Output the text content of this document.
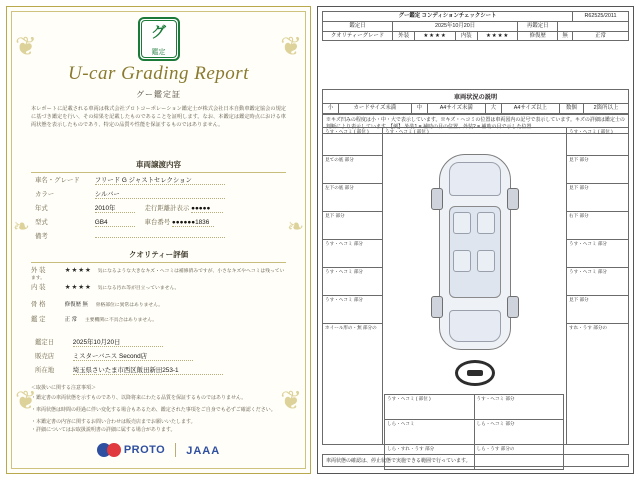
❦	❦
❦	❦
❧	❧
グ
鑑定
U-car Grading Report
グー鑑定証
本レポートに記載される車両は株式会社プロトコーポレーション鑑定士が株式会社日本自動車鑑定協会の規定に基づき鑑定を行い、その結果を記載したものであることを証明します。なお、本鑑定は鑑定時点における車両状態を表示したものであり、特定の品質や性能を保証するものではありません。
車両譲渡内容
車名・グレード フリード G ジャストセレクション
カラー	シルバー
年式	2010年	走行距離計表示 ●●●●●
型式	GB4	車台番号 ●●●●●●1836
備考
クオリティー評価
外 装	★★★★ 気になるような大きなキズ・ヘコミは補修済みですが、小さなキズやヘコミは残っています。
内 装	★★★★ 気になる汚れ等が目立っていません。
骨 格	修復歴 無 骨格部位に異常はありません。
鑑 定	正 常 主要機関に不具合はありません。
鑑定日	2025年10月20日
販売店	ミスターバニス Second店
所在地	埼玉県さいたま市西区飯田新田253-1
＜取扱いに関する注意事項＞
・鑑定書の車両状態を示すものであり、以降将来にわたる品質を保証するものではありません。
・車両状態は時間の経過に伴い変化する場合もあるため、鑑定された事項をご自身でも必ずご確認ください。
・本鑑定書の内容に関するお問い合わせは販売店までお願いいたします。
・詳細についてはお取扱説明書の詳細に属する場合があります。
PROTO JAAA
グー鑑定 コンディションチェックシート							R62525/2011
鑑定日	2025年10月20日				再鑑定日		
クオリティーグレード	外装	★★★★	内装	★★★★	修復歴	無	正常
車両状況の説明
小	カードサイズ未満	中	A4サイズ未満	大	A4サイズ以上	数個	2箇所以上
※キズ凹みの程度は小・中・大で表示しています。※キズ・ヘコミの位置は車両図内の記号で表示しています。キズの詳細は鑑定士の判断により表示しています。【例】 外装1 = 補助の目の位置、外装2 = 補助の目で示した位置
うす・ヘコミ ( 部位 )
見ての底 部分
左下の底 部分
見下 部分
うす・ヘコミ 部分
うす・ヘコミ 部分
うす・ヘコミ 部分
ホイール形の・無 部分の
うす・ヘコミ ( 部位 )
うす・ヘコミ ( 部位 )	うす・ヘコミ 部分
しら・ヘコミ	しら・ヘコミ 部分
しら・すれ・うす 部分	しら・うす 部分の
うす・ヘコミ ( 部位 )
見下 部分
見下 部分
右下 部分
うす・ヘコミ 部分
うす・ヘコミ 部分
見下 部分
すれ・うす 部分の
車両状態の確認は、停止状態で実施できる範囲で行っています。
